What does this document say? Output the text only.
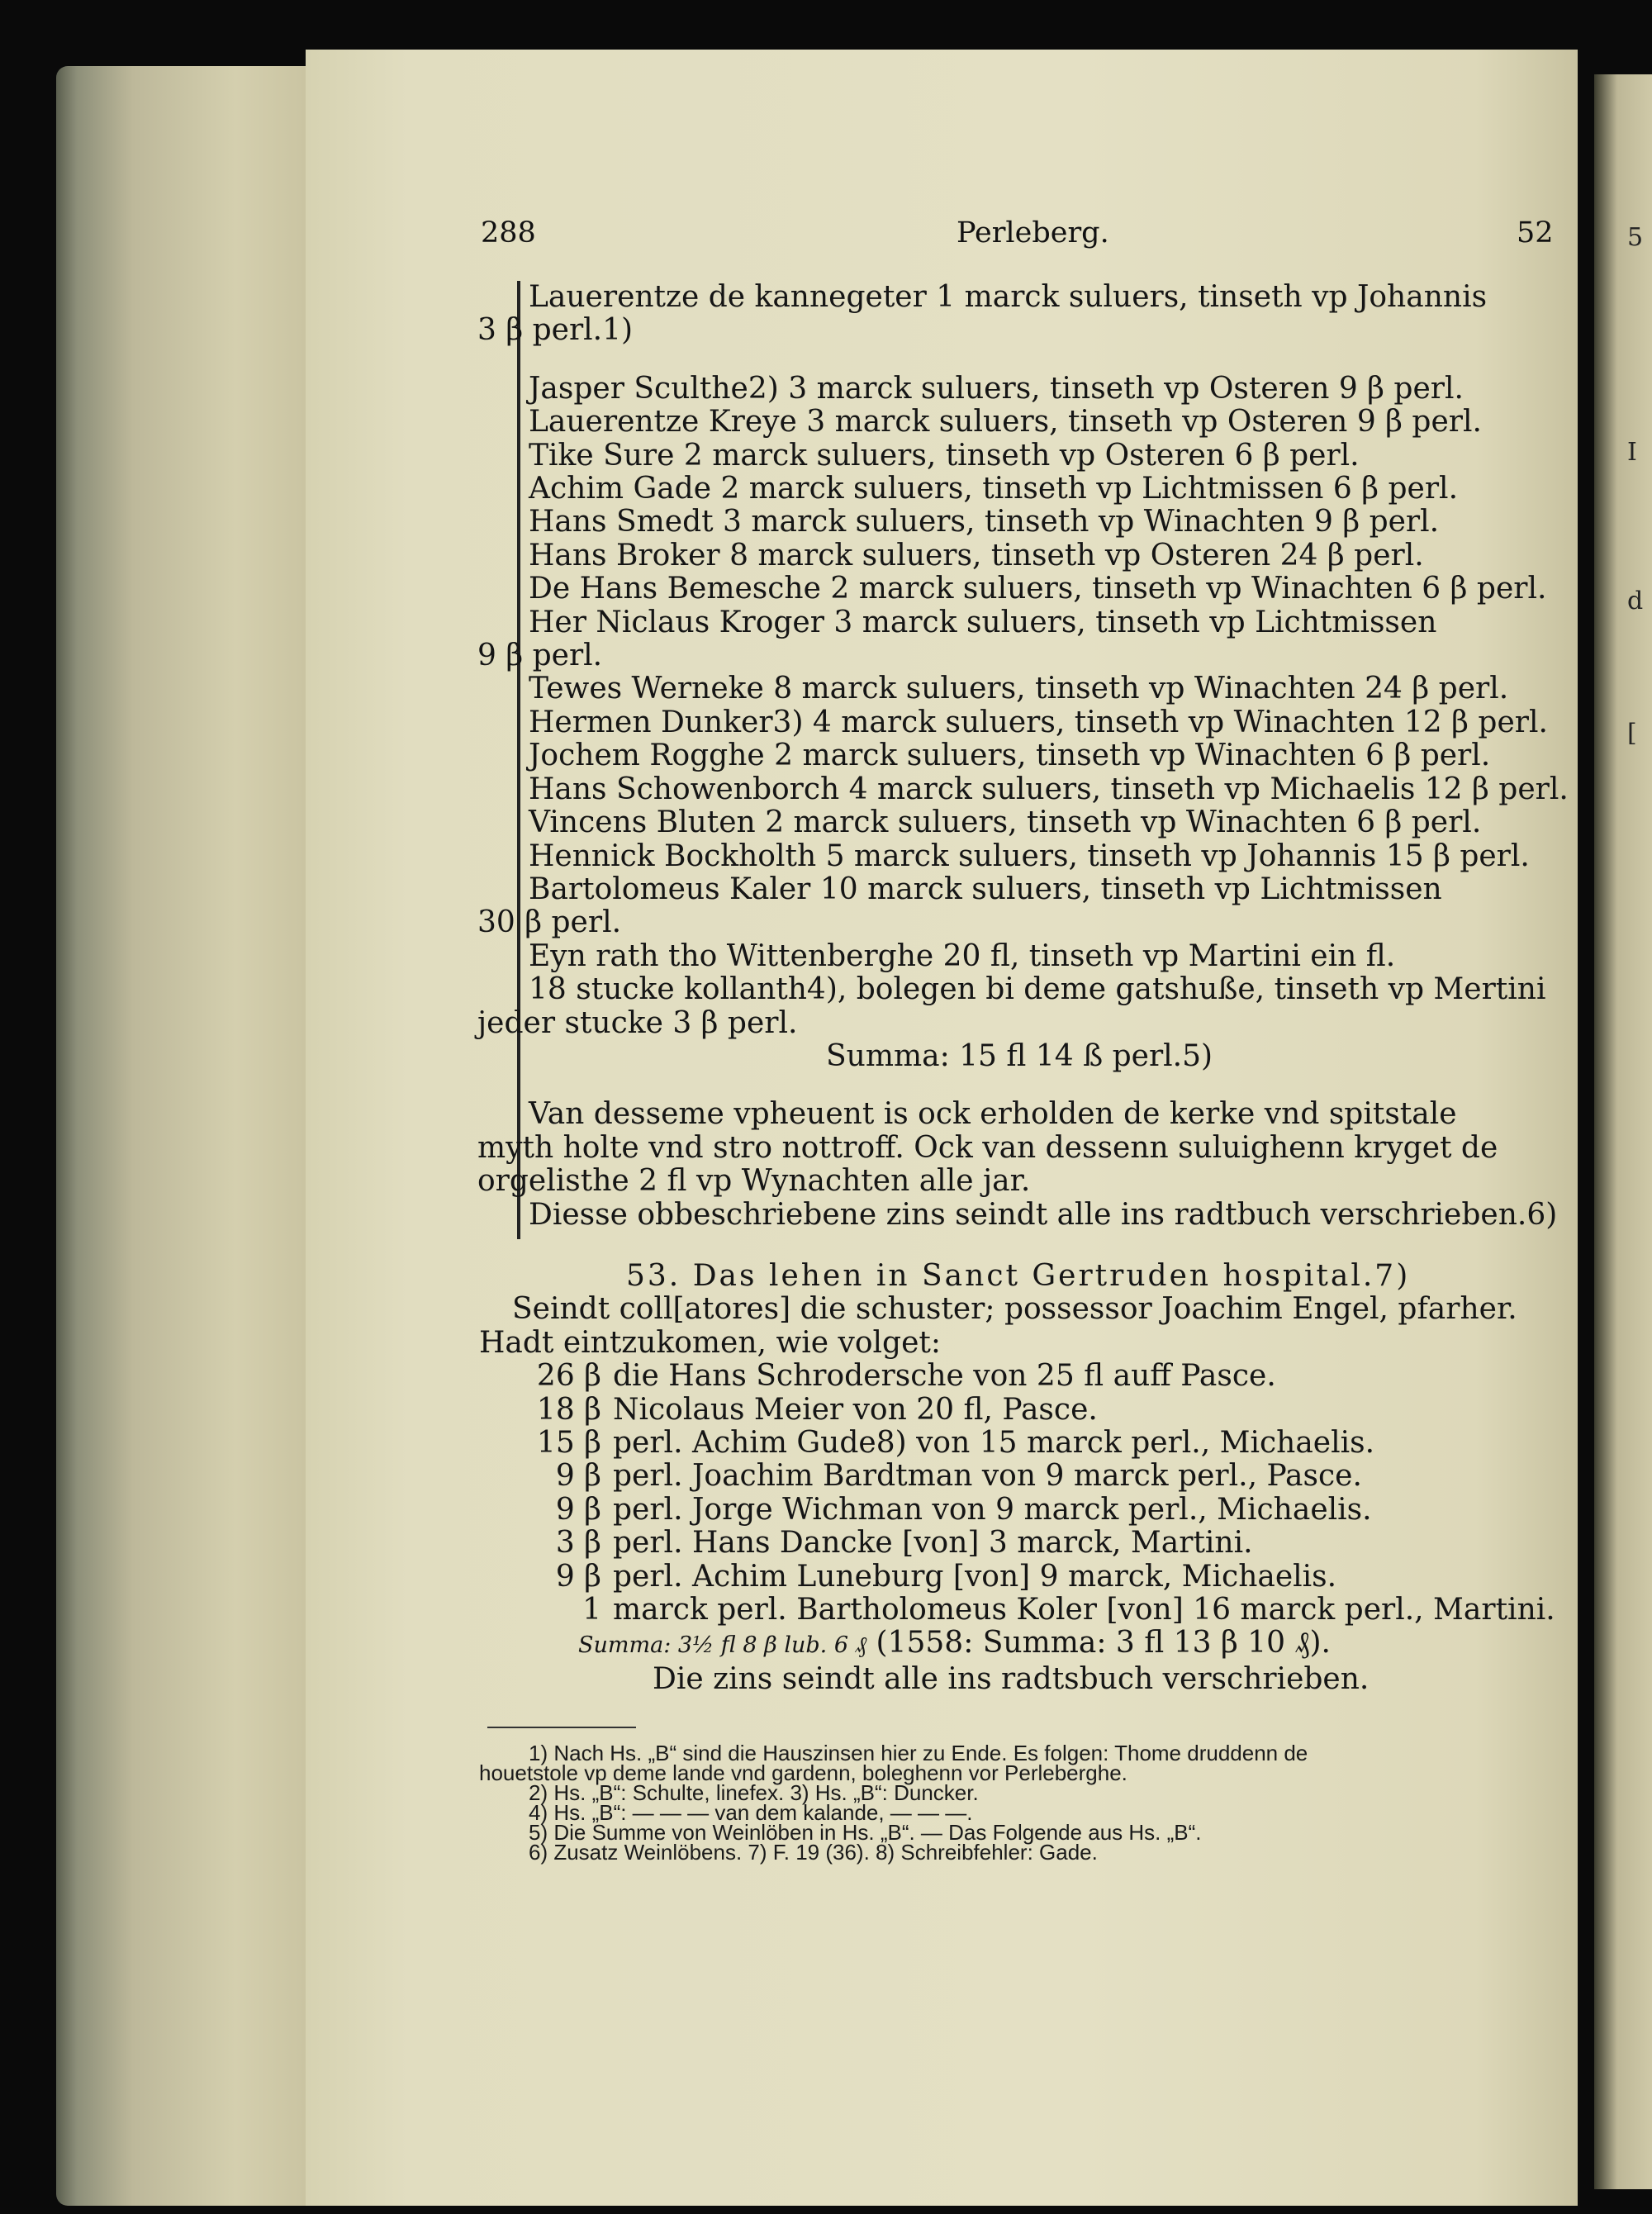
5
I
d
[
288	Perleberg.	52
Lauerentze de kannegeter 1 marck suluers, tinseth vp Johannis
3 β perl.1)
Jasper Sculthe2) 3 marck suluers, tinseth vp Osteren 9 β perl.
Lauerentze Kreye 3 marck suluers, tinseth vp Osteren 9 β perl.
Tike Sure 2 marck suluers, tinseth vp Osteren 6 β perl.
Achim Gade 2 marck suluers, tinseth vp Lichtmissen 6 β perl.
Hans Smedt 3 marck suluers, tinseth vp Winachten 9 β perl.
Hans Broker 8 marck suluers, tinseth vp Osteren 24 β perl.
De Hans Bemesche 2 marck suluers, tinseth vp Winachten 6 β perl.
Her Niclaus Kroger 3 marck suluers, tinseth vp Lichtmissen
9 β perl.
Tewes Werneke 8 marck suluers, tinseth vp Winachten 24 β perl.
Hermen Dunker3) 4 marck suluers, tinseth vp Winachten 12 β perl.
Jochem Rogghe 2 marck suluers, tinseth vp Winachten 6 β perl.
Hans Schowenborch 4 marck suluers, tinseth vp Michaelis 12 β perl.
Vincens Bluten 2 marck suluers, tinseth vp Winachten 6 β perl.
Hennick Bockholth 5 marck suluers, tinseth vp Johannis 15 β perl.
Bartolomeus Kaler 10 marck suluers, tinseth vp Lichtmissen
30 β perl.
Eyn rath tho Wittenberghe 20 fl, tinseth vp Martini ein fl.
18 stucke kollanth4), bolegen bi deme gatshuße, tinseth vp Mertini
jeder stucke 3 β perl.
Summa: 15 fl 14 ß perl.5)
Van desseme vpheuent is ock erholden de kerke vnd spitstale
myth holte vnd stro nottroff. Ock van dessenn suluighenn kryget de
orgelisthe 2 fl vp Wynachten alle jar.
Diesse obbeschriebene zins seindt alle ins radtbuch verschrieben.6)
53. Das lehen in Sanct Gertruden hospital.7)
Seindt coll[atores] die schuster; possessor Joachim Engel, pfarher.
Hadt eintzukomen, wie volget:
26 β die Hans Schrodersche von 25 fl auff Pasce.
18 β Nicolaus Meier von 20 fl, Pasce.
15 β perl. Achim Gude8) von 15 marck perl., Michaelis.
9 β perl. Joachim Bardtman von 9 marck perl., Pasce.
9 β perl. Jorge Wichman von 9 marck perl., Michaelis.
3 β perl. Hans Dancke [von] 3 marck, Martini.
9 β perl. Achim Luneburg [von] 9 marck, Michaelis.
1 marck perl. Bartholomeus Koler [von] 16 marck perl., Martini.
Summa: 3½ fl 8 β lub. 6 ₰ (1558: Summa: 3 fl 13 β 10 ₰).
Die zins seindt alle ins radtsbuch verschrieben.
1) Nach Hs. „B“ sind die Hauszinsen hier zu Ende. Es folgen: Thome druddenn de
houetstole vp deme lande vnd gardenn, boleghenn vor Perleberghe.
2) Hs. „B“: Schulte, linefex. 3) Hs. „B“: Duncker.
4) Hs. „B“: — — — van dem kalande, — — —.
5) Die Summe von Weinlöben in Hs. „B“. — Das Folgende aus Hs. „B“.
6) Zusatz Weinlöbens. 7) F. 19 (36). 8) Schreibfehler: Gade.
